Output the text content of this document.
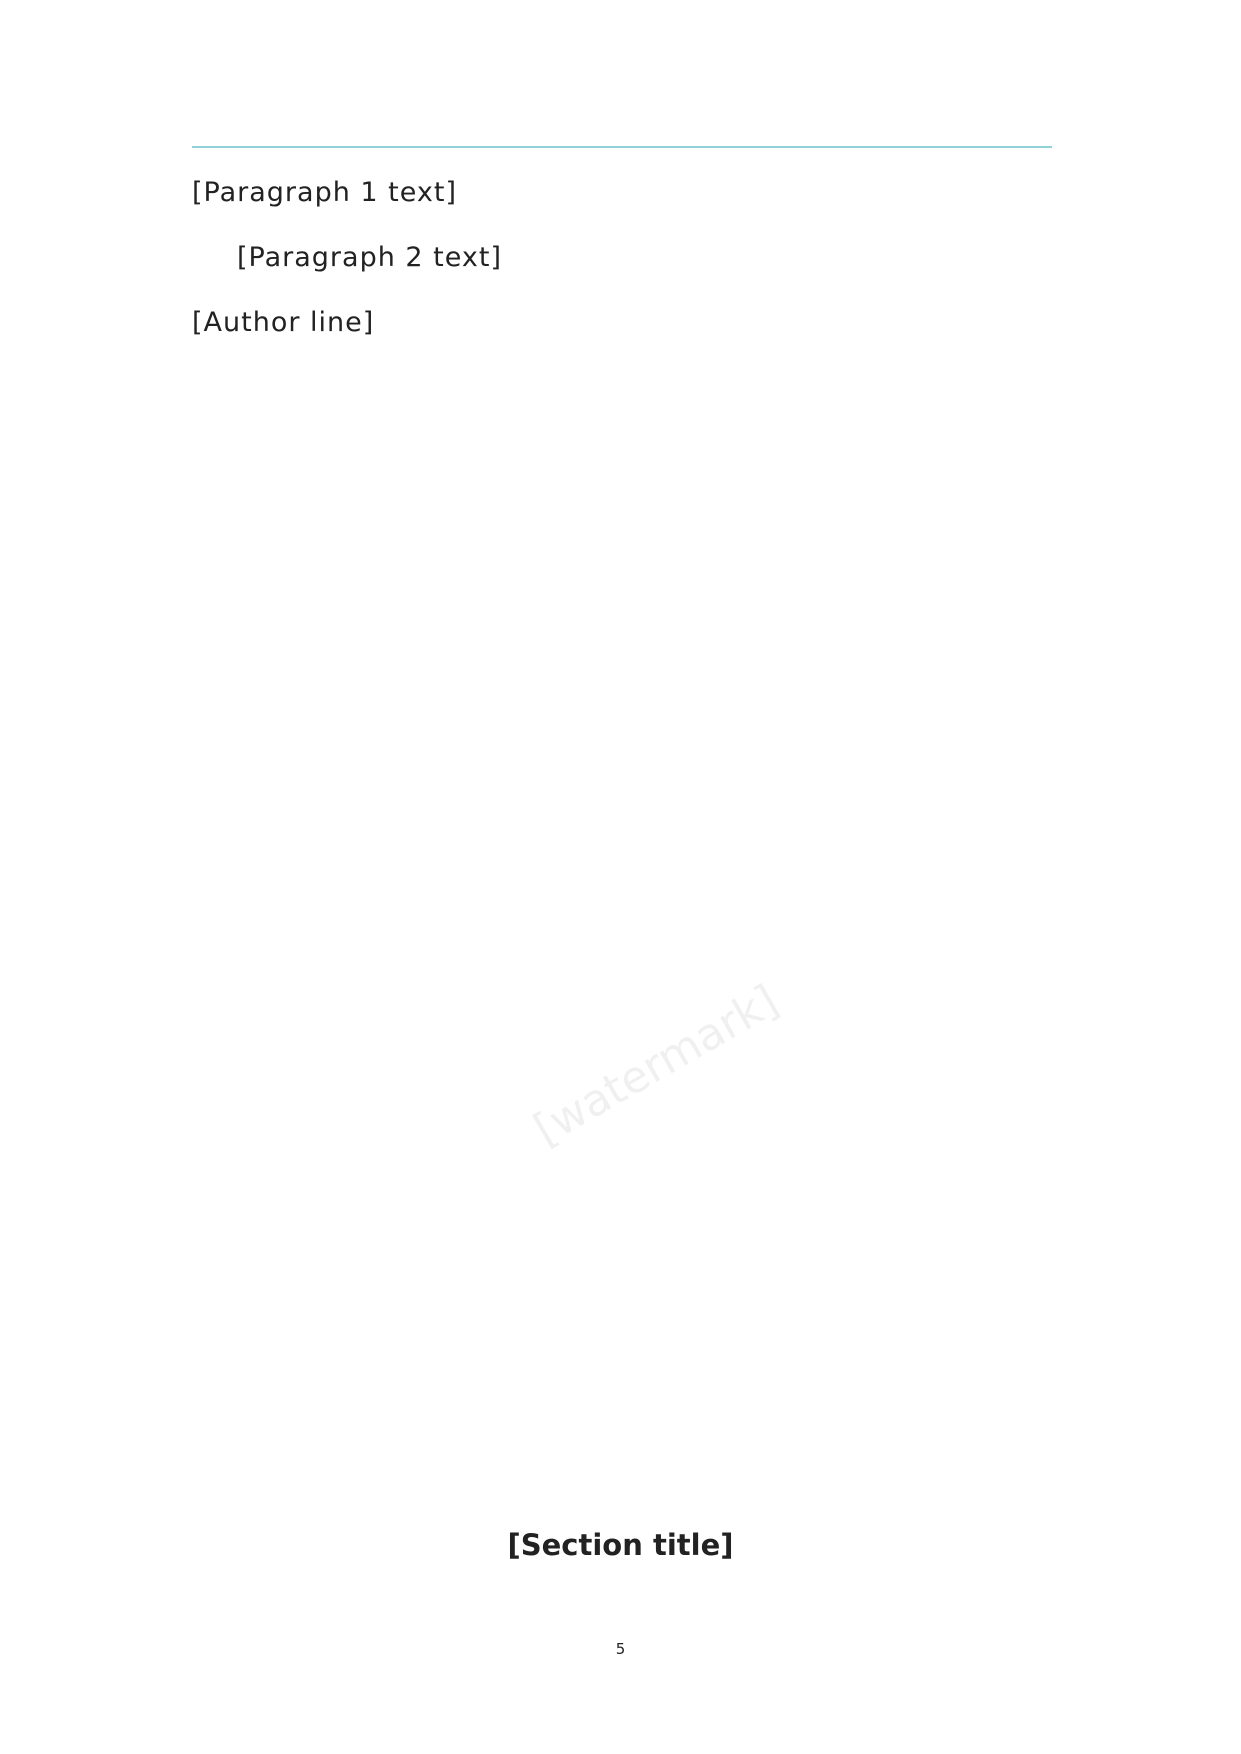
[Paragraph 1 text]

[Paragraph 2 text]

[Author line]

[watermark]
[Section title]
5
